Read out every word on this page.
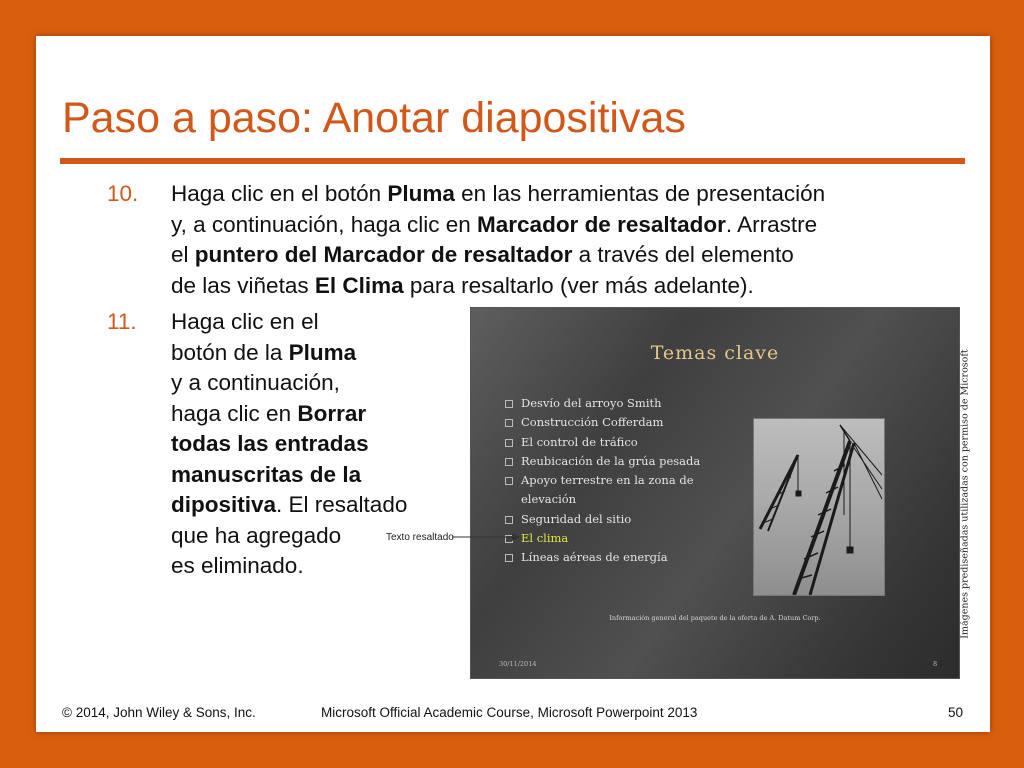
Paso a paso: Anotar diapositivas
10. Haga clic en el botón Pluma en las herramientas de presentación
y, a continuación, haga clic en Marcador de resaltador. Arrastre
el puntero del Marcador de resaltador a través del elemento
de las viñetas El Clima para resaltarlo (ver más adelante).
11. Haga clic en el
botón de la Pluma
y a continuación,
haga clic en Borrar
todas las entradas
manuscritas de la
dipositiva. El resaltado
que ha agregado
es eliminado.
Temas clave
Desvío del arroyo Smith
Construcción Cofferdam
El control de tráfico
Reubicación de la grúa pesada
Apoyo terrestre en la zona de elevación
Seguridad del sitio
El clima
Líneas aéreas de energía
Información general del paquete de la oferta de A. Datum Corp.
30/11/2014	8
Texto resaltado	Imágenes prediseñadas utilizadas con permiso de Microsoft
© 2014, John Wiley & Sons, Inc.	Microsoft Official Academic Course, Microsoft Powerpoint 2013	50
